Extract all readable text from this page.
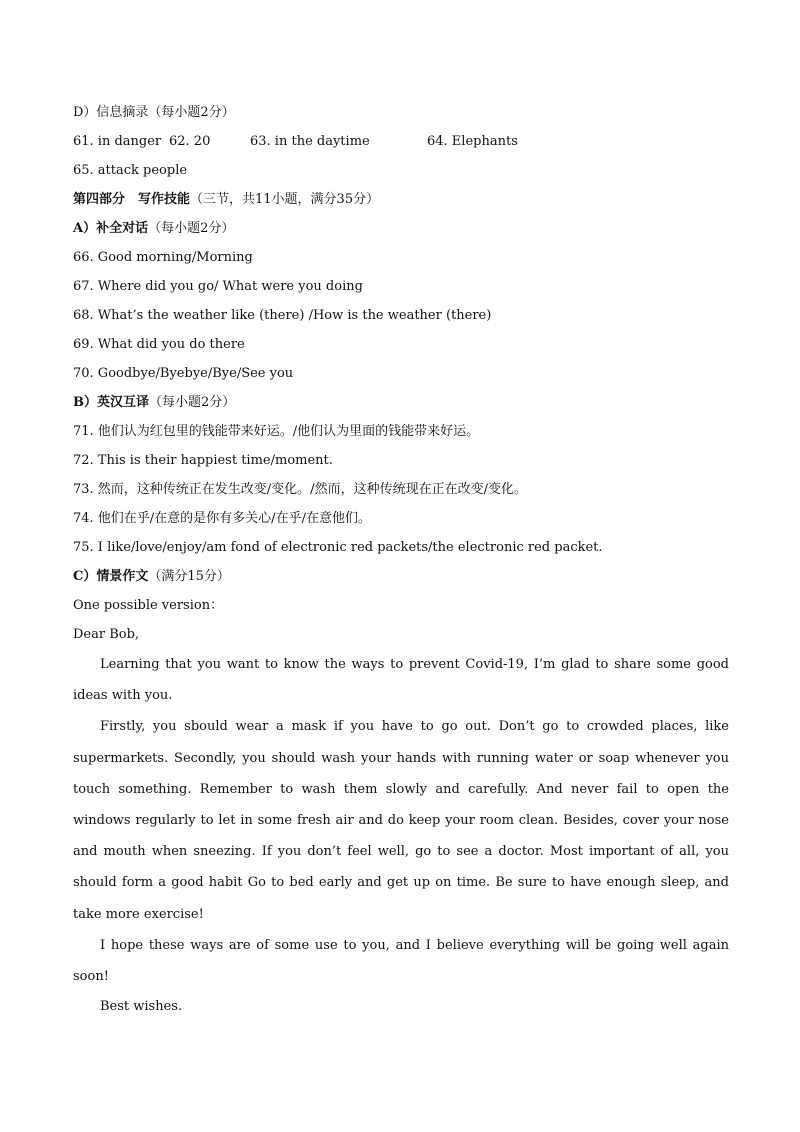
D）信息摘录（每小题2分）
61. in danger 62. 20	63. in the daytime	64. Elephants
65. attack people
第四部分　写作技能（三节，共11小题，满分35分）
A）补全对话（每小题2分）
66. Good morning/Morning
67. Where did you go/ What were you doing
68. What’s the weather like (there) /How is the weather (there)
69. What did you do there
70. Goodbye/Byebye/Bye/See you
B）英汉互译（每小题2分）
71. 他们认为红包里的钱能带来好运。/他们认为里面的钱能带来好运。
72. This is their happiest time/moment.
73. 然而，这种传统正在发生改变/变化。/然而，这种传统现在正在改变/变化。
74. 他们在乎/在意的是你有多关心/在乎/在意他们。
75. I like/love/enjoy/am fond of electronic red packets/the electronic red packet.
C）情景作文（满分15分）
One possible version：
Dear Bob,
Learning that you want to know the ways to prevent Covid-19, I’m glad to share some good ideas with you.
Firstly, you sbould wear a mask if you have to go out. Don’t go to crowded places, like supermarkets. Secondly, you should wash your hands with running water or soap whenever you touch something. Remember to wash them slowly and carefully. And never fail to open the windows regularly to let in some fresh air and do keep your room clean. Besides, cover your nose and mouth when sneezing. If you don’t feel well, go to see a doctor. Most important of all, you should form a good habit Go to bed early and get up on time. Be sure to have enough sleep, and take more exercise!
I hope these ways are of some use to you, and I believe everything will be going well again soon!
Best wishes.
